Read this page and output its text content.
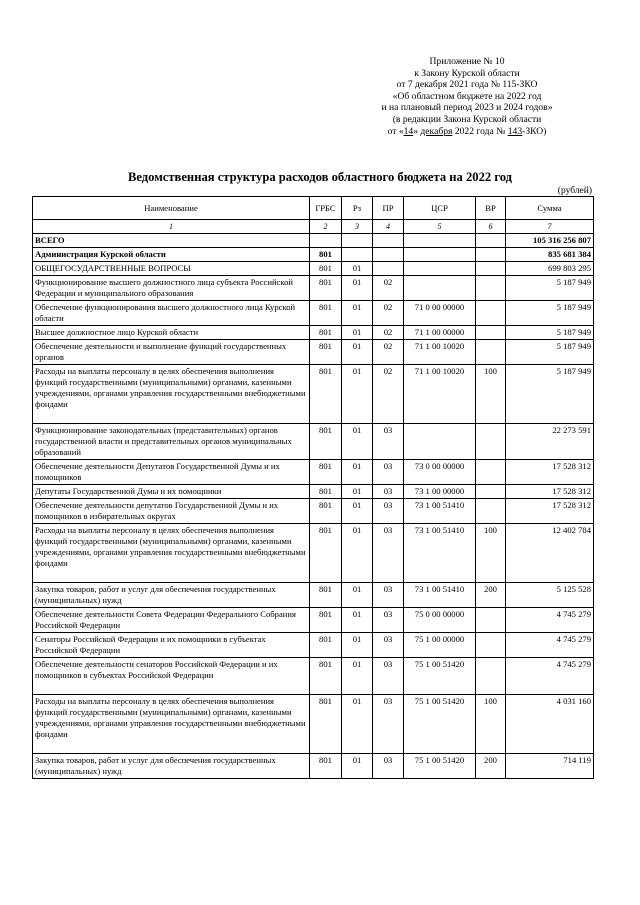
Приложение № 10
к Закону Курской области
от 7 декабря 2021 года № 115-ЗКО
«Об областном бюджете на 2022 год
и на плановый период 2023 и 2024 годов»
(в редакции Закона Курской области
от «14» декабря 2022 года № 143-ЗКО)
Ведомственная структура расходов областного бюджета на 2022 год
(рублей)
Наименование	ГРБС	Рз	ПР	ЦСР	ВР	Сумма
1	2	3	4	5	6	7
ВСЕГО						105 316 256 807
Администрация Курской области	801					835 681 384
ОБЩЕГОСУДАРСТВЕННЫЕ ВОПРОСЫ	801	01				699 803 295
Функционирование высшего должностного лица субъекта Российской Федерации и муниципального образования	801	01	02			5 187 949
Обеспечение функционирования высшего должностного лица Курской области	801	01	02	71 0 00 00000		5 187 949
Высшее должностное лицо Курской области	801	01	02	71 1 00 00000		5 187 949
Обеспечение деятельности и выполнение функций государственных органов	801	01	02	71 1 00 10020		5 187 949
Расходы на выплаты персоналу в целях обеспечения выполнения функций государственными (муниципальными) органами, казенными учреждениями, органами управления государственными внебюджетными фондами	801	01	02	71 1 00 10020	100	5 187 949
Функционирование законодательных (представительных) органов государственной власти и представительных органов муниципальных образований	801	01	03			22 273 591
Обеспечение деятельности Депутатов Государственной Думы и их помощников	801	01	03	73 0 00 00000		17 528 312
Депутаты Государственной Думы и их помощники	801	01	03	73 1 00 00000		17 528 312
Обеспечение деятельности депутатов Государственной Думы и их помощников в избирательных округах	801	01	03	73 1 00 51410		17 528 312
Расходы на выплаты персоналу в целях обеспечения выполнения функций государственными (муниципальными) органами, казенными учреждениями, органами управления государственными внебюджетными фондами	801	01	03	73 1 00 51410	100	12 402 784
Закупка товаров, работ и услуг для обеспечения государственных (муниципальных) нужд	801	01	03	73 1 00 51410	200	5 125 528
Обеспечение деятельности Совета Федерации Федерального Собрания Российской Федерации	801	01	03	75 0 00 00000		4 745 279
Сенаторы Российской Федерации и их помощники в субъектах Российской Федерации	801	01	03	75 1 00 00000		4 745 279
Обеспечение деятельности сенаторов Российской Федерации и их помощников в субъектах Российской Федерации	801	01	03	75 1 00 51420		4 745 279
Расходы на выплаты персоналу в целях обеспечения выполнения функций государственными (муниципальными) органами, казенными учреждениями, органами управления государственными внебюджетными фондами	801	01	03	75 1 00 51420	100	4 031 160
Закупка товаров, работ и услуг для обеспечения государственных (муниципальных) нужд	801	01	03	75 1 00 51420	200	714 119
